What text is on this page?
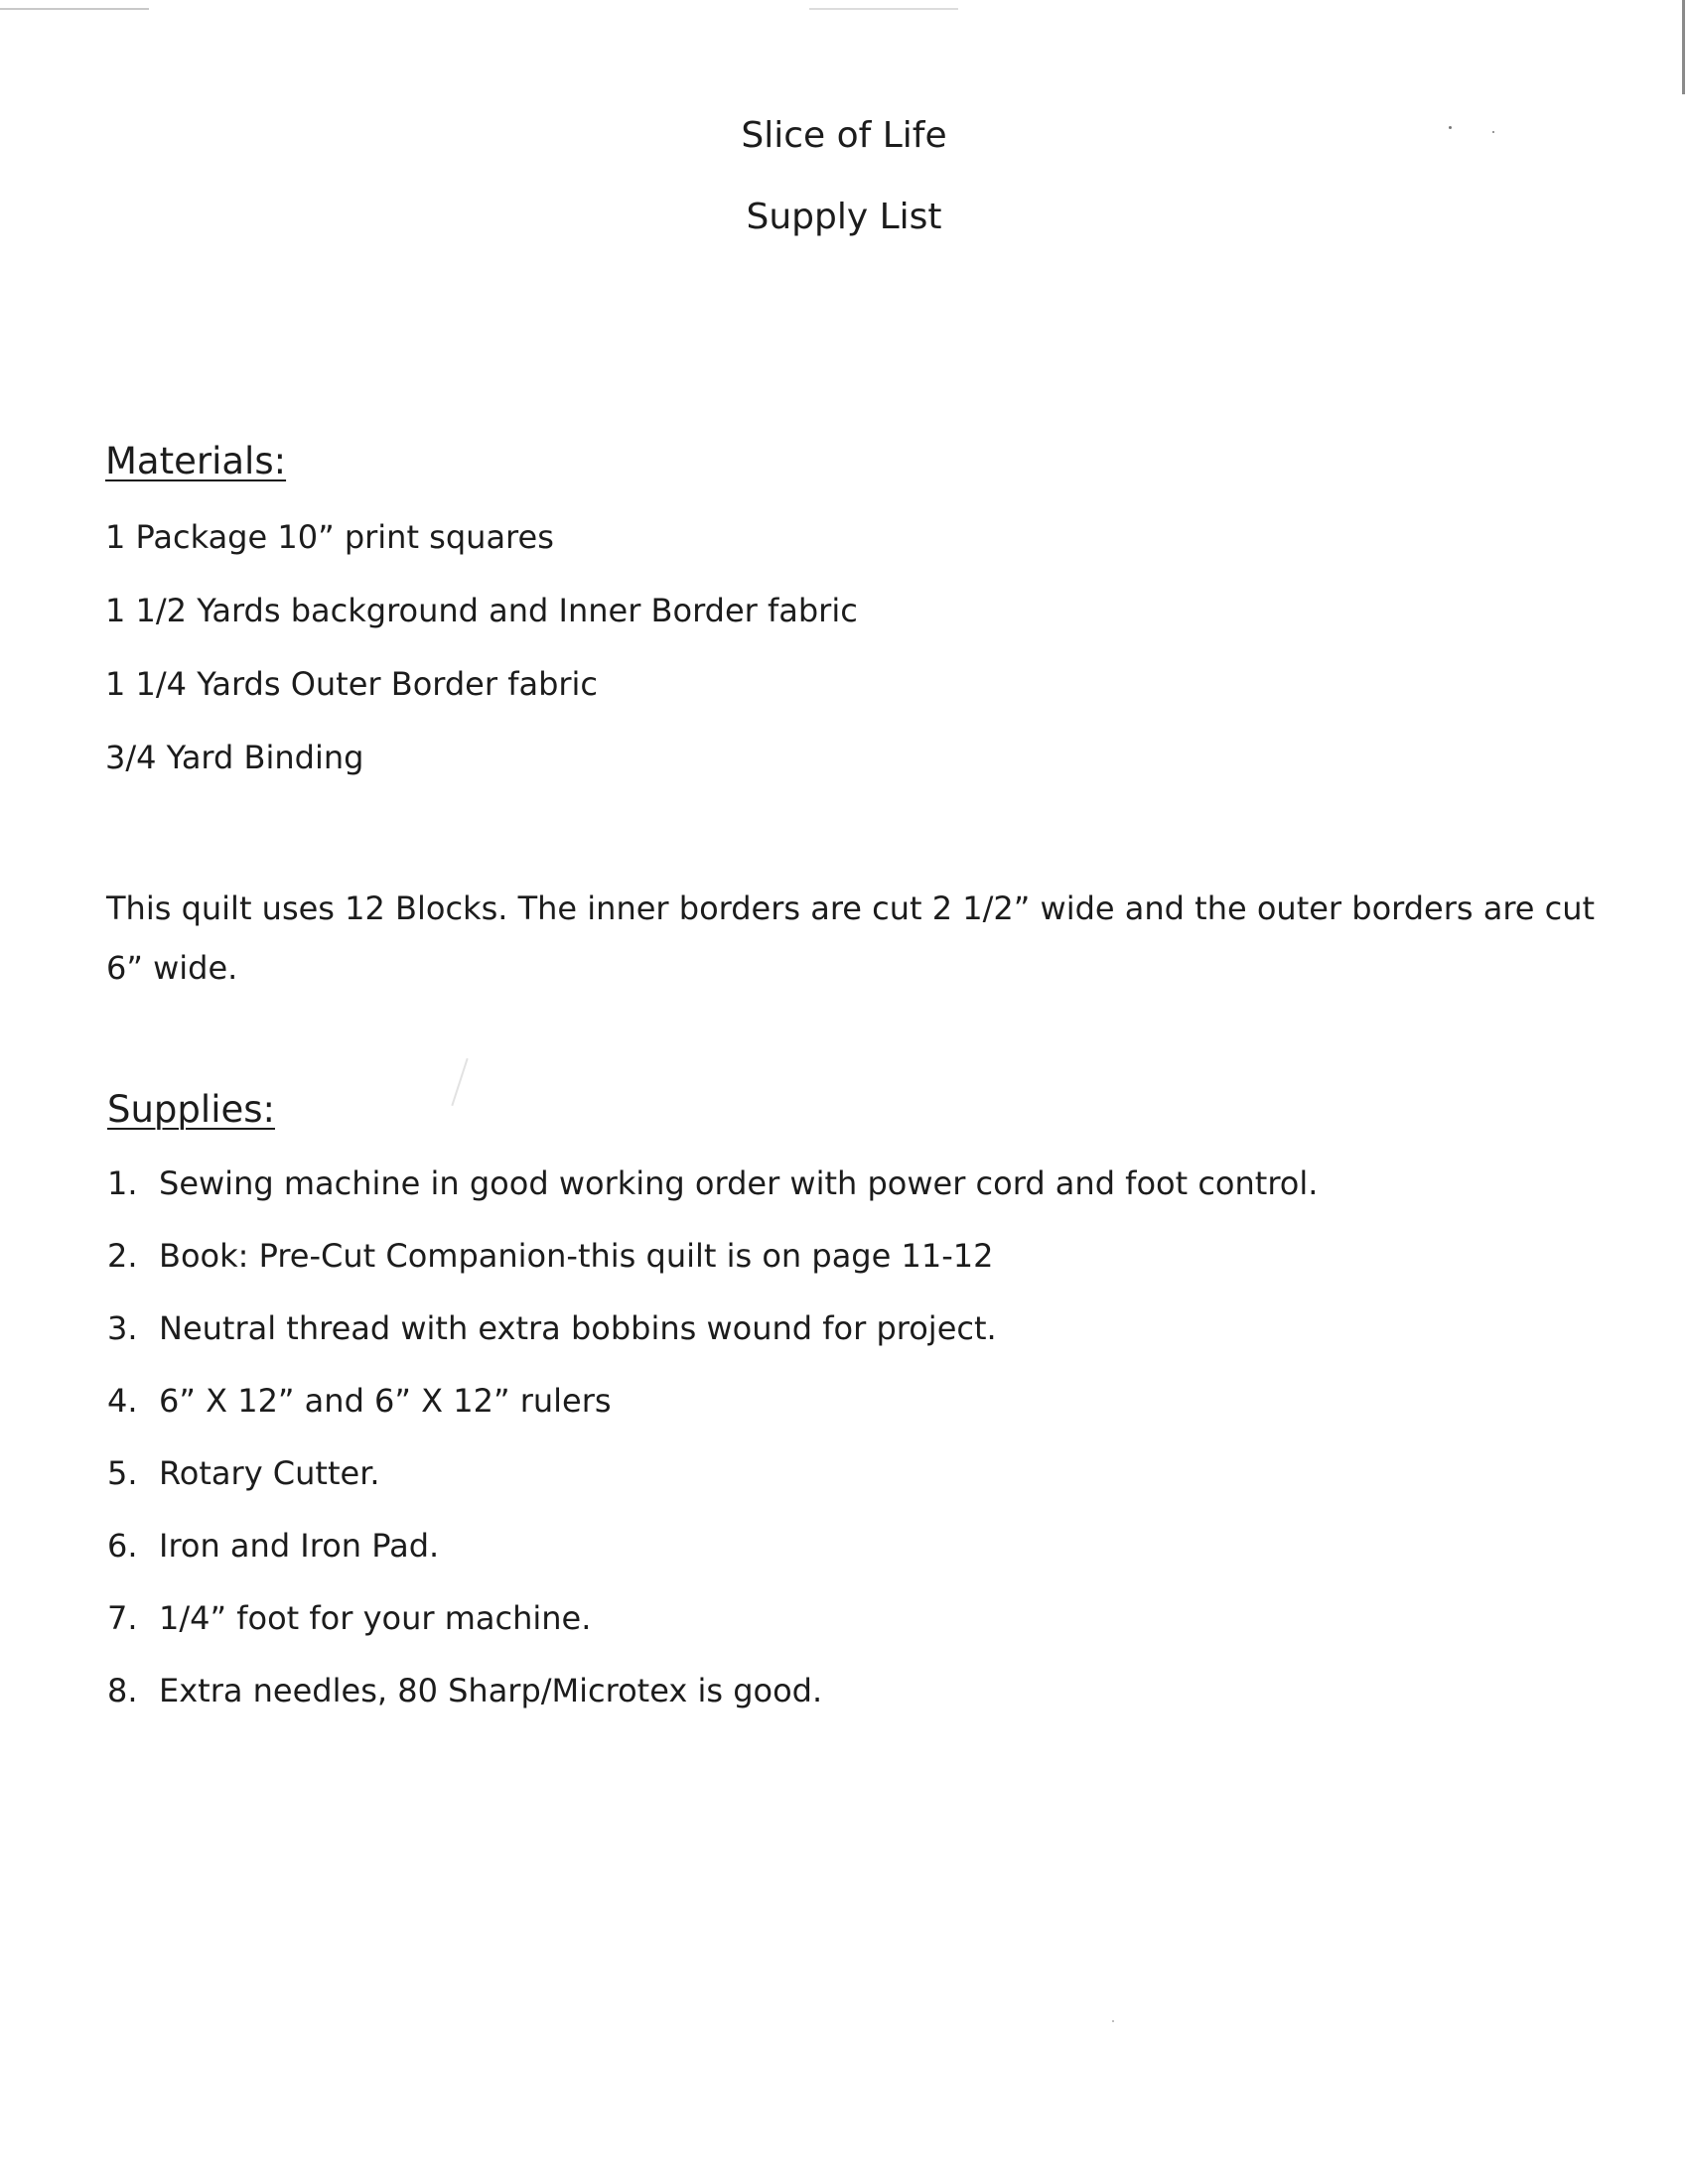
Slice of Life
Supply List
Materials:
1 Package 10” print squares
1 1/2 Yards background and Inner Border fabric
1 1/4 Yards Outer Border fabric
3/4 Yard Binding
This quilt uses 12 Blocks. The inner borders are cut 2 1/2” wide and the outer borders are cut 6” wide.
Supplies:
1. Sewing machine in good working order with power cord and foot control.
2. Book: Pre-Cut Companion-this quilt is on page 11-12
3. Neutral thread with extra bobbins wound for project.
4. 6” X 12” and 6” X 12” rulers
5. Rotary Cutter.
6. Iron and Iron Pad.
7. 1/4” foot for your machine.
8. Extra needles, 80 Sharp/Microtex is good.
